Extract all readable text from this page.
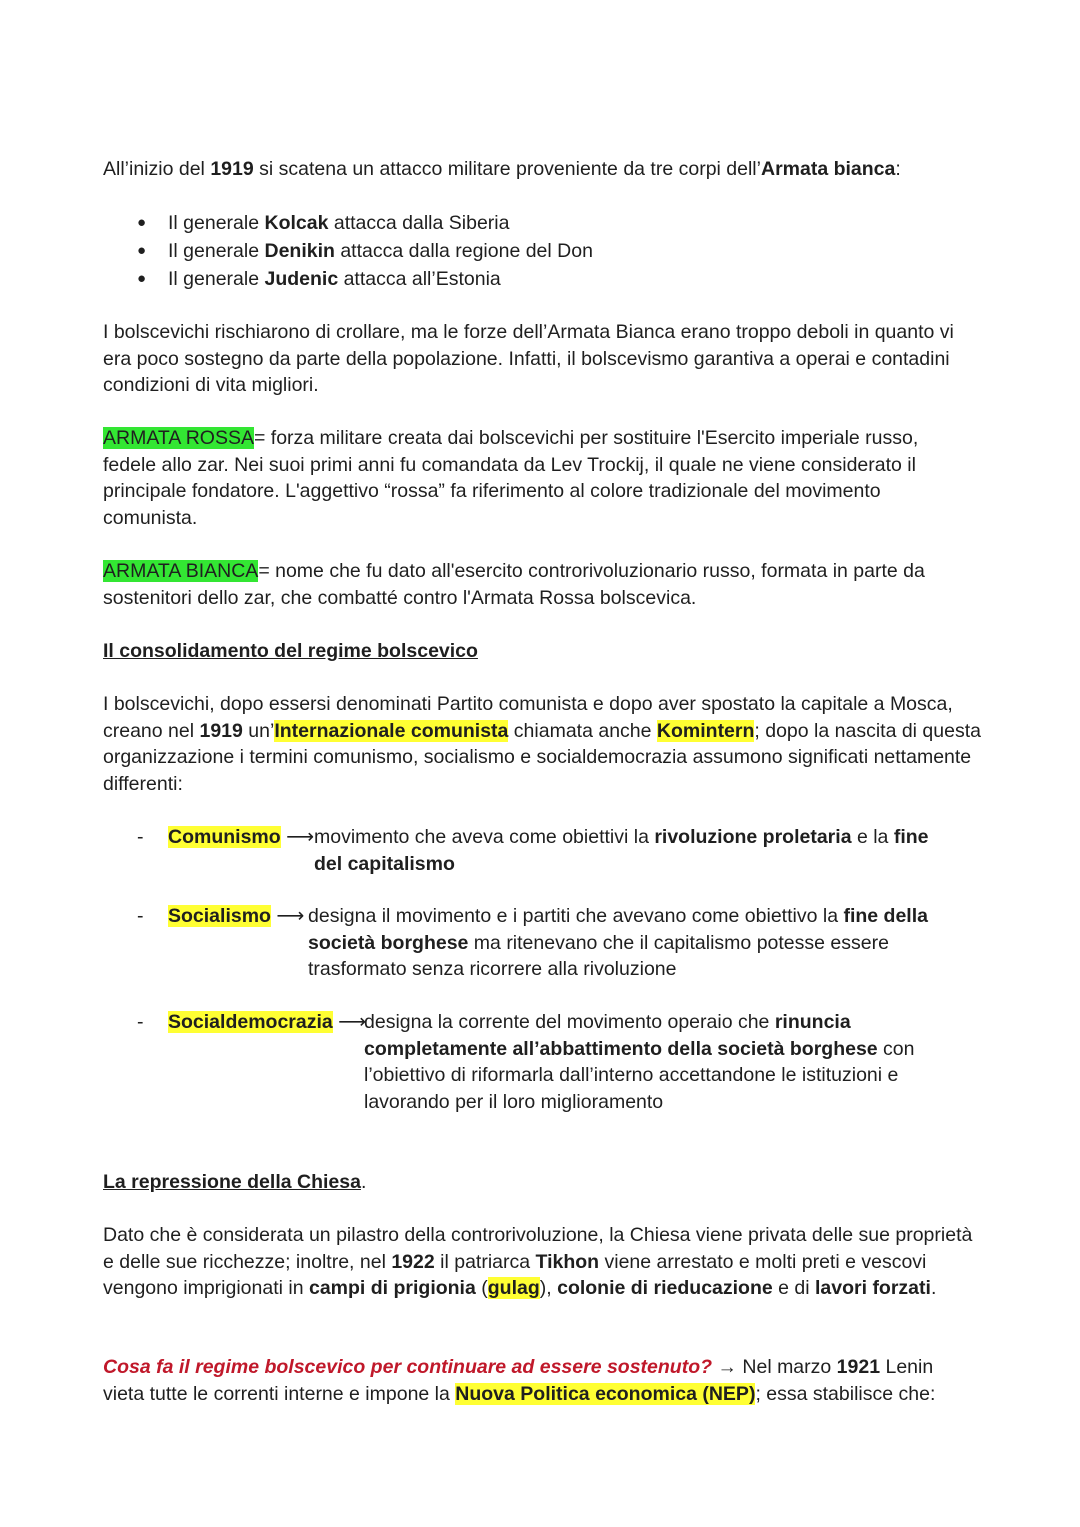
All’inizio del 1919 si scatena un attacco militare proveniente da tre corpi dell’Armata bianca:

● Il generale Kolcak attacca dalla Siberia
● Il generale Denikin attacca dalla regione del Don
● Il generale Judenic attacca all’Estonia

I bolscevichi rischiarono di crollare, ma le forze dell’Armata Bianca erano troppo deboli in quanto vi era poco sostegno da parte della popolazione. Infatti, il bolscevismo garantiva a operai e contadini condizioni di vita migliori.

ARMATA ROSSA= forza militare creata dai bolscevichi per sostituire l'Esercito imperiale russo, fedele allo zar. Nei suoi primi anni fu comandata da Lev Trockij, il quale ne viene considerato il principale fondatore. L'aggettivo “rossa” fa riferimento al colore tradizionale del movimento comunista.

ARMATA BIANCA= nome che fu dato all'esercito controrivoluzionario russo, formata in parte da sostenitori dello zar, che combatté contro l'Armata Rossa bolscevica.

Il consolidamento del regime bolscevico

I bolscevichi, dopo essersi denominati Partito comunista e dopo aver spostato la capitale a Mosca, creano nel 1919 un’Internazionale comunista chiamata anche Komintern; dopo la nascita di questa organizzazione i termini comunismo, socialismo e socialdemocrazia assumono significati nettamente differenti:

- Comunismo ⟶ movimento che aveva come obiettivi la rivoluzione proletaria e la fine del capitalismo

- Socialismo ⟶ designa il movimento e i partiti che avevano come obiettivo la fine della società borghese ma ritenevano che il capitalismo potesse essere trasformato senza ricorrere alla rivoluzione

- Socialdemocrazia ⟶

designa la corrente del movimento operaio che rinuncia completamente all’abbattimento della società borghese con l’obiettivo di riformarla dall’interno accettandone le istituzioni e lavorando per il loro miglioramento

La repressione della Chiesa.

Dato che è considerata un pilastro della controrivoluzione, la Chiesa viene privata delle sue proprietà e delle sue ricchezze; inoltre, nel 1922 il patriarca Tikhon viene arrestato e molti preti e vescovi vengono imprigionati in campi di prigionia (gulag), colonie di rieducazione e di lavori forzati.

Cosa fa il regime bolscevico per continuare ad essere sostenuto? → Nel marzo 1921 Lenin vieta tutte le correnti interne e impone la Nuova Politica economica (NEP); essa stabilisce che:
